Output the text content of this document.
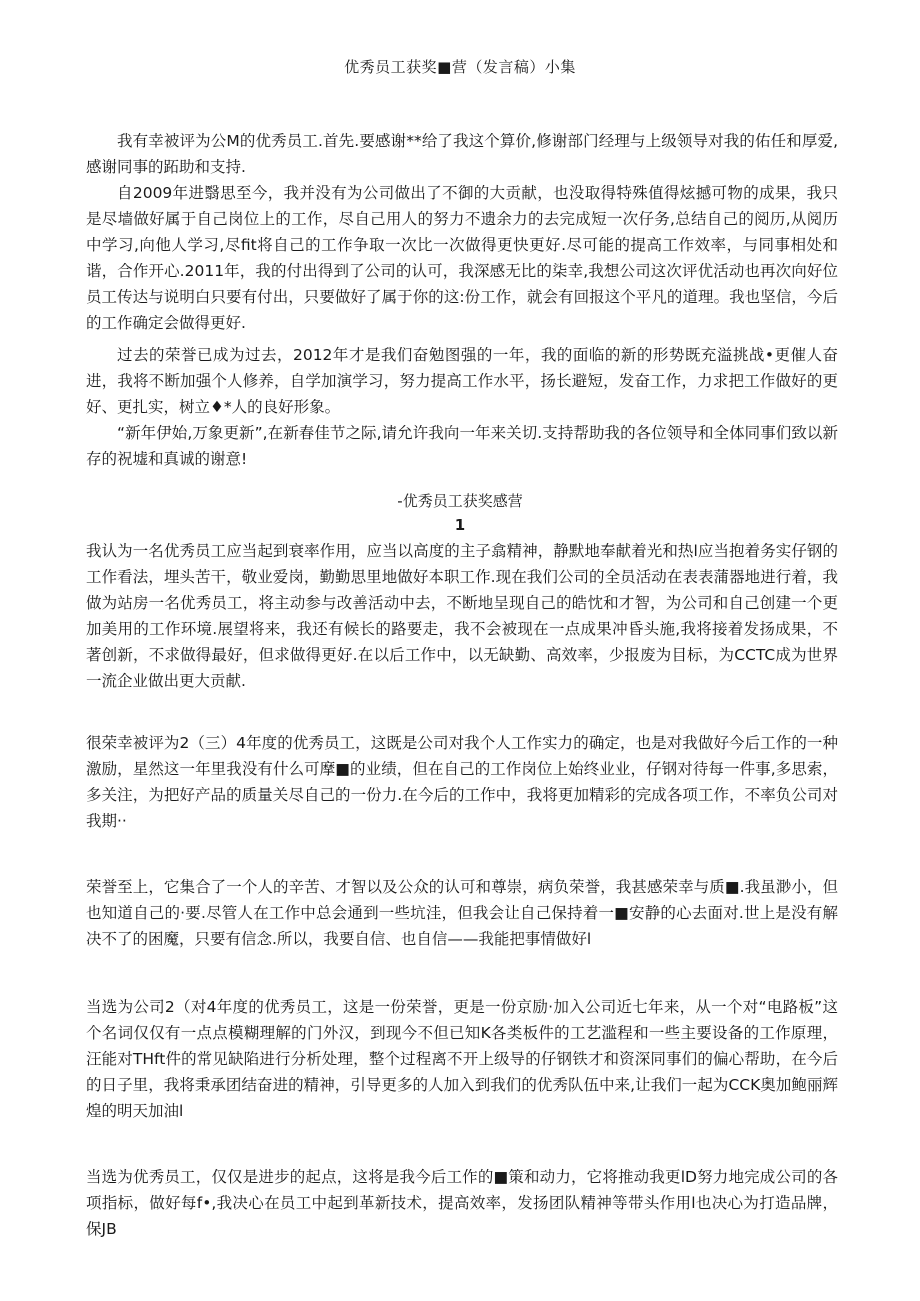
优秀员工获奖■营（发言稿）小集

我有幸被评为公M的优秀员工.首先.要感谢**给了我这个算价,修谢部门经理与上级领导对我的佑任和厚爱,感谢同事的跖助和支持.

自2009年进翳思至今，我并没有为公司做出了不御的大贡献，也没取得特殊值得炫撼可物的成果，我只是尽墙做好属于自己岗位上的工作，尽自己用人的努力不遗余力的去完成短一次仔务,总结自己的阅历,从阅历中学习,向他人学习,尽fit将自己的工作争取一次比一次做得更快更好.尽可能的提高工作效率，与同事相处和谐，合作开心.2011年，我的付出得到了公司的认可，我深感无比的柒幸,我想公司这次评优活动也再次向好位员工传达与说明白只要有付出，只要做好了属于你的这:份工作，就会有回报这个平凡的道理。我也坚信，今后的工作确定会做得更好.

过去的荣誉已成为过去，2012年才是我们奋勉图强的一年，我的面临的新的形势既充溢挑战•更催人奋进，我将不断加强个人修养，自学加演学习，努力提高工作水平，扬长避短，发奋工作，力求把工作做好的更好、更扎实，树立♦*人的良好形象。

“新年伊始,万象更新”,在新春佳节之际,请允许我向一年来关切.支持帮助我的各位领导和全体同事们致以新存的祝墟和真诚的谢意!

-优秀员工获奖感营
1

我认为一名优秀员工应当起到衰率作用，应当以高度的主子翕精神，静默地奉献着光和热l应当抱着务实仔钢的工作看法，埋头苦干，敬业爱岗，勤勤思里地做好本职工作.现在我们公司的全员活动在表表蒲器地进行着，我做为站房一名优秀员工，将主动参与改善活动中去，不断地呈现自己的皓忱和才智，为公司和自己创建一个更加美用的工作环境.展望将来，我还有候长的路要走，我不会被现在一点成果冲昏头施,我将接着发扬成果，不著创新，不求做得最好，但求做得更好.在以后工作中，以无缺勤、高效率，少报废为目标，为CCTC成为世界一流企业做出更大贡献.

很荣幸被评为2（三）4年度的优秀员工，这既是公司对我个人工作实力的确定，也是对我做好今后工作的一种激励，星然这一年里我没有什么可摩■的业绩，但在自己的工作岗位上始终业业，仔钢对待每一件事,多思索，多关注，为把好产品的质量关尽自己的一份力.在今后的工作中，我将更加精彩的完成各项工作，不率负公司对我期··

荣誉至上，它集合了一个人的辛苦、才智以及公众的认可和尊崇，病负荣誉，我甚感荣幸与质■.我虽渺小，但也知道自己的·要.尽管人在工作中总会通到一些坑洼，但我会让自己保持着一■安静的心去面对.世上是没有解决不了的困魔，只要有信念.所以，我要自信、也自信——我能把事情做好l

当选为公司2（对4年度的优秀员工，这是一份荣誉，更是一份京励·加入公司近七年来，从一个对“电路板”这个名词仅仅有一点点模糊理解的门外汉，到现今不但已知K各类板件的工艺滥程和一些主要设备的工作原理，汪能对THft件的常见缺陷进行分析处理，整个过程离不开上级导的仔钢铁才和资深同事们的偏心帮助，在今后的日子里，我将秉承团结奋进的精神，引导更多的人加入到我们的优秀队伍中来,让我们一起为CCK奥加鲍丽辉煌的明天加油l

当选为优秀员工，仅仅是进步的起点，这将是我今后工作的■策和动力，它将推动我更lD努力地完成公司的各项指标，做好每f•,我决心在员工中起到革新技术，提高效率，发扬团队精神等带头作用l也决心为打造品牌，保JB
